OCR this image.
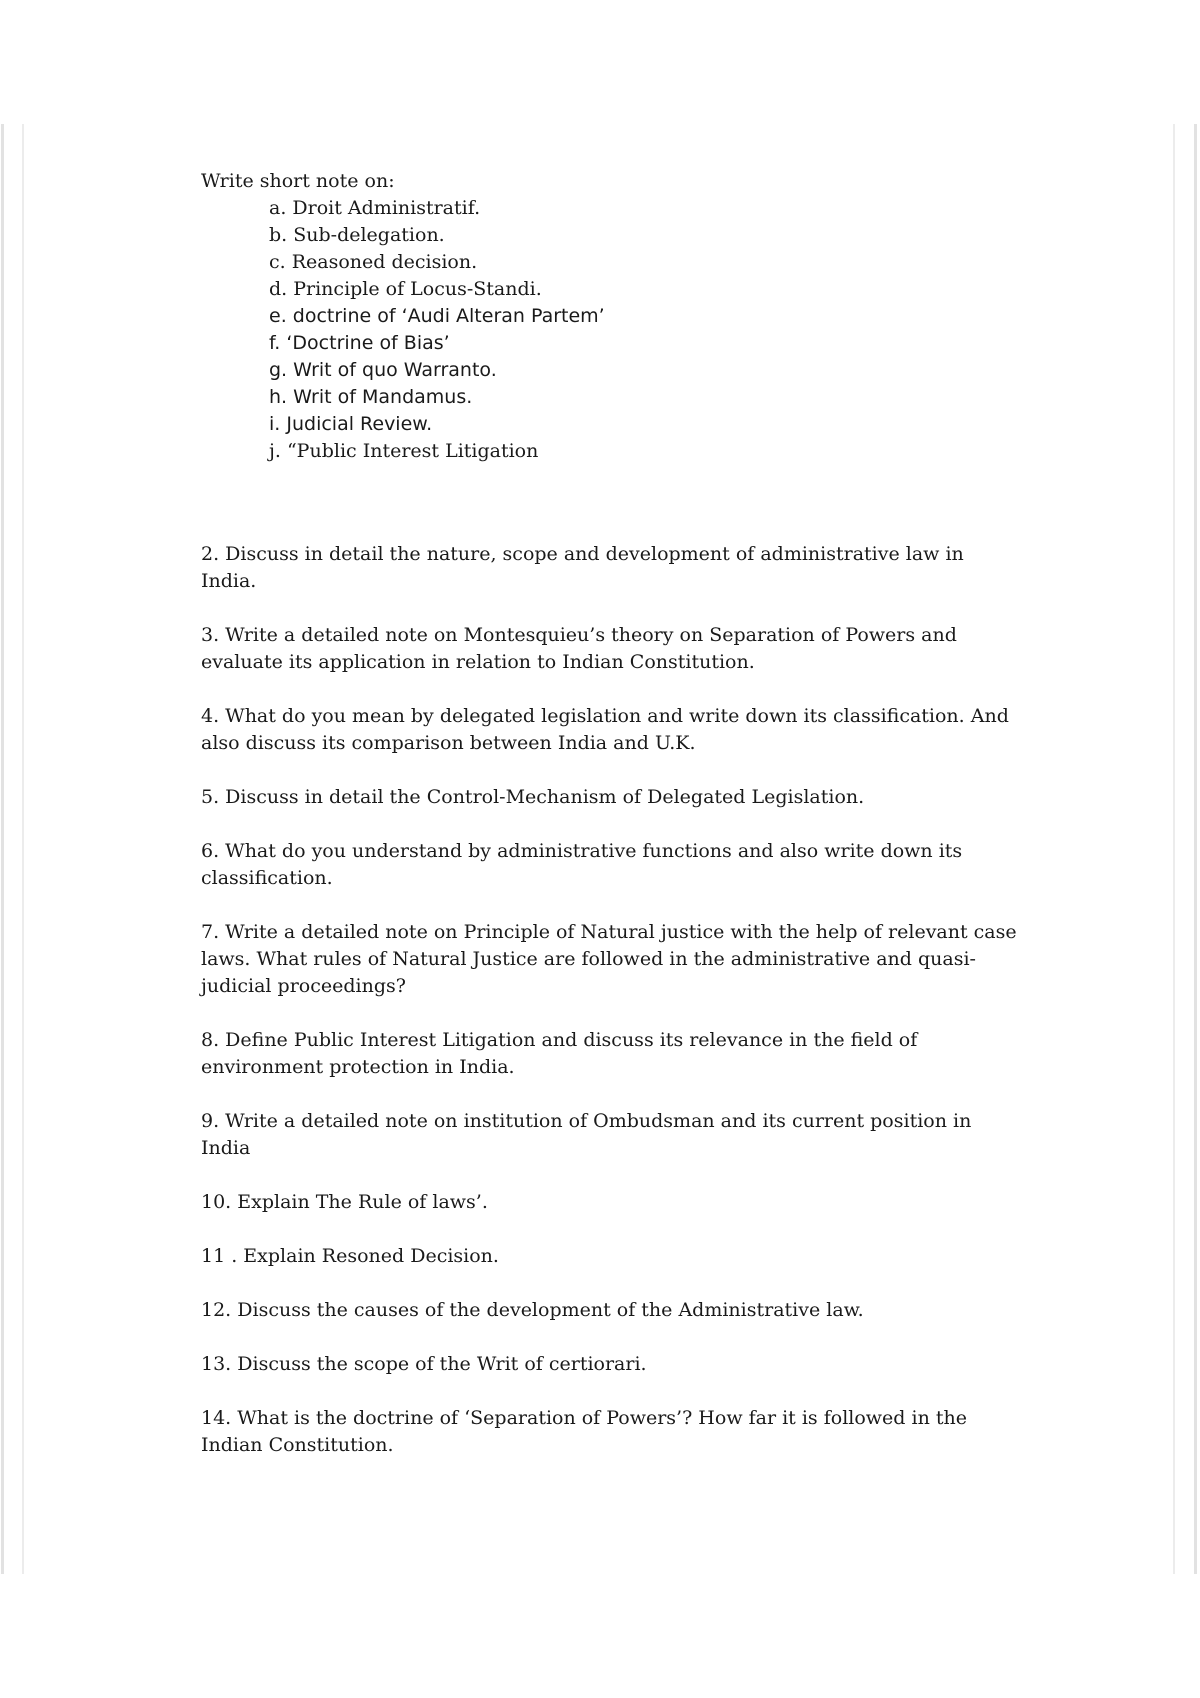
Write short note on:

a. Droit Administratif.
b. Sub-delegation.
c. Reasoned decision.
d. Principle of Locus-Standi.
e. doctrine of ‘Audi Alteran Partem’
f. ‘Doctrine of Bias’
g. Writ of quo Warranto.
h. Writ of Mandamus.
i. Judicial Review.
j. “Public Interest Litigation
2. Discuss in detail the nature, scope and development of administrative law in India.
3. Write a detailed note on Montesquieu’s theory on Separation of Powers and evaluate its application in relation to Indian Constitution.
4. What do you mean by delegated legislation and write down its classification. And also discuss its comparison between India and U.K.
5. Discuss in detail the Control-Mechanism of Delegated Legislation.
6. What do you understand by administrative functions and also write down its classification.
7. Write a detailed note on Principle of Natural justice with the help of relevant case laws. What rules of Natural Justice are followed in the administrative and quasi-judicial proceedings?
8. Define Public Interest Litigation and discuss its relevance in the field of environment protection in India.
9. Write a detailed note on institution of Ombudsman and its current position in India
10. Explain The Rule of laws’.
11 . Explain Resoned Decision.
12. Discuss the causes of the development of the Administrative law.
13. Discuss the scope of the Writ of certiorari.
14. What is the doctrine of ‘Separation of Powers’? How far it is followed in the Indian Constitution.
